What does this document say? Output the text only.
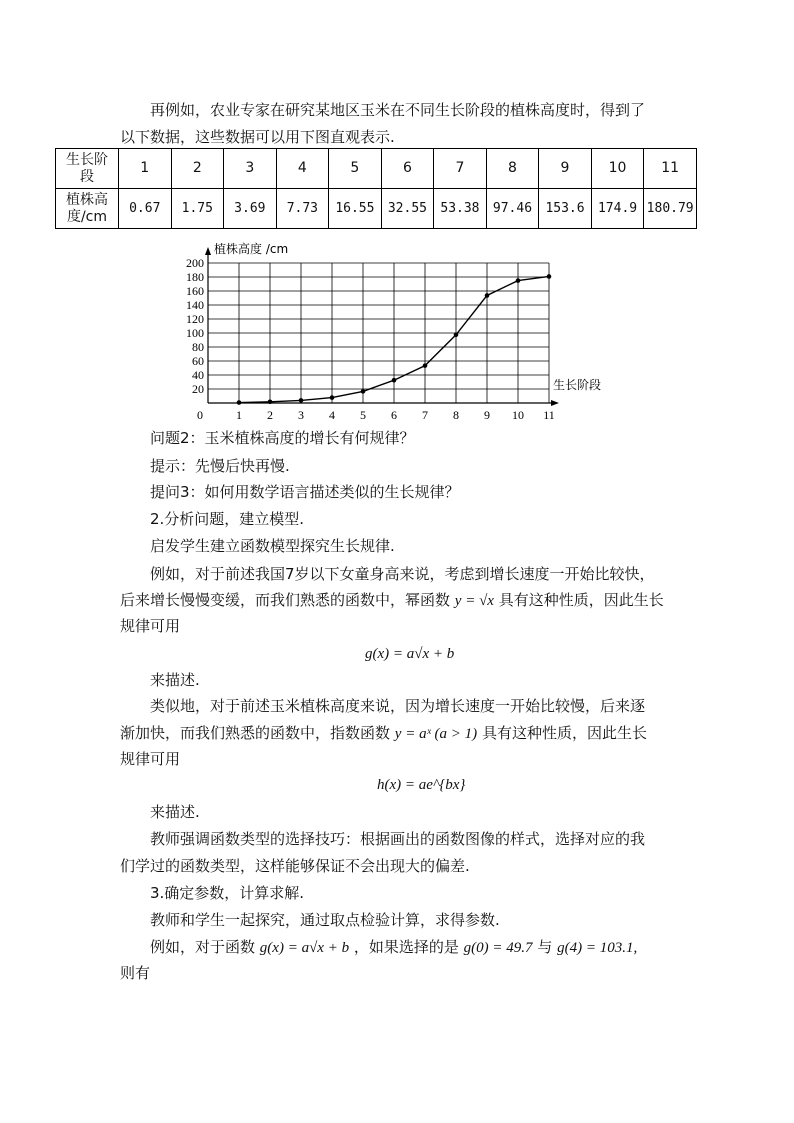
再例如，农业专家在研究某地区玉米在不同生长阶段的植株高度时，得到了
以下数据，这些数据可以用下图直观表示.
生长阶
段	1	2	3	4	5	6	7	8	9	10	11
植株高
度/cm	0.67	1.75	3.69	7.73	16.55	32.55	53.38	97.46	153.6	174.9	180.79
20
40
60
80
100
120
140
160
180
200
0	1 2 3 4 5 6 7 8 9 10 11
植株高度 /cm
生长阶段
问题2：玉米植株高度的增长有何规律？
提示：先慢后快再慢.
提问3：如何用数学语言描述类似的生长规律？
2.分析问题，建立模型.
启发学生建立函数模型探究生长规律.
例如，对于前述我国7岁以下女童身高来说，考虑到增长速度一开始比较快，
后来增长慢慢变缓，而我们熟悉的函数中，幂函数 y = √x 具有这种性质，因此生长
规律可用
g(x) = a√x + b
来描述.
类似地，对于前述玉米植株高度来说，因为增长速度一开始比较慢，后来逐
渐加快，而我们熟悉的函数中，指数函数 y = aˣ (a > 1) 具有这种性质，因此生长
规律可用
h(x) = ae^{bx}
来描述.
教师强调函数类型的选择技巧：根据画出的函数图像的样式，选择对应的我
们学过的函数类型，这样能够保证不会出现大的偏差.
3.确定参数，计算求解.
教师和学生一起探究，通过取点检验计算，求得参数.
例如，对于函数 g(x) = a√x + b ，如果选择的是 g(0) = 49.7 与 g(4) = 103.1,
则有
